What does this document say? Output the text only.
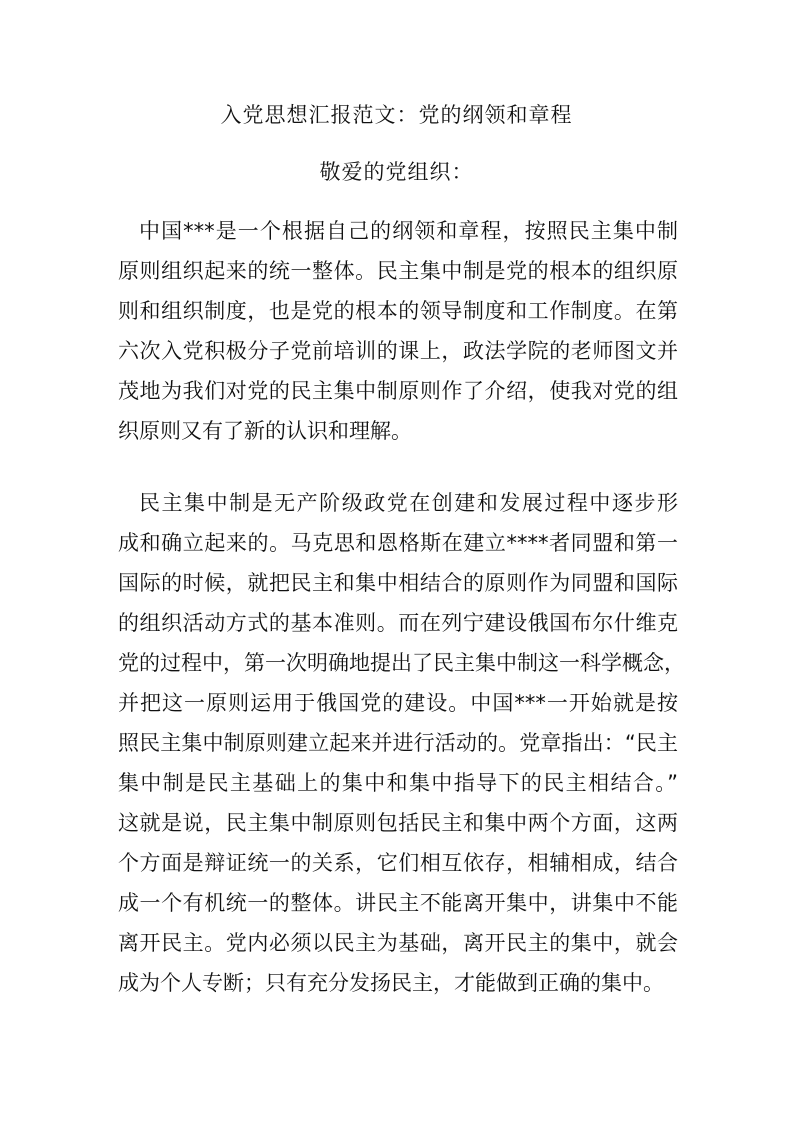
入党思想汇报范文：党的纲领和章程
敬爱的党组织：
中国***是一个根据自己的纲领和章程，按照民主集中制
原则组织起来的统一整体。民主集中制是党的根本的组织原
则和组织制度，也是党的根本的领导制度和工作制度。在第
六次入党积极分子党前培训的课上，政法学院的老师图文并
茂地为我们对党的民主集中制原则作了介绍，使我对党的组
织原则又有了新的认识和理解。
民主集中制是无产阶级政党在创建和发展过程中逐步形
成和确立起来的。马克思和恩格斯在建立****者同盟和第一
国际的时候，就把民主和集中相结合的原则作为同盟和国际
的组织活动方式的基本准则。而在列宁建设俄国布尔什维克
党的过程中，第一次明确地提出了民主集中制这一科学概念，
并把这一原则运用于俄国党的建设。中国***一开始就是按
照民主集中制原则建立起来并进行活动的。党章指出：“民主
集中制是民主基础上的集中和集中指导下的民主相结合。”
这就是说，民主集中制原则包括民主和集中两个方面，这两
个方面是辩证统一的关系，它们相互依存，相辅相成，结合
成一个有机统一的整体。讲民主不能离开集中，讲集中不能
离开民主。党内必须以民主为基础，离开民主的集中，就会
成为个人专断；只有充分发扬民主，才能做到正确的集中。
